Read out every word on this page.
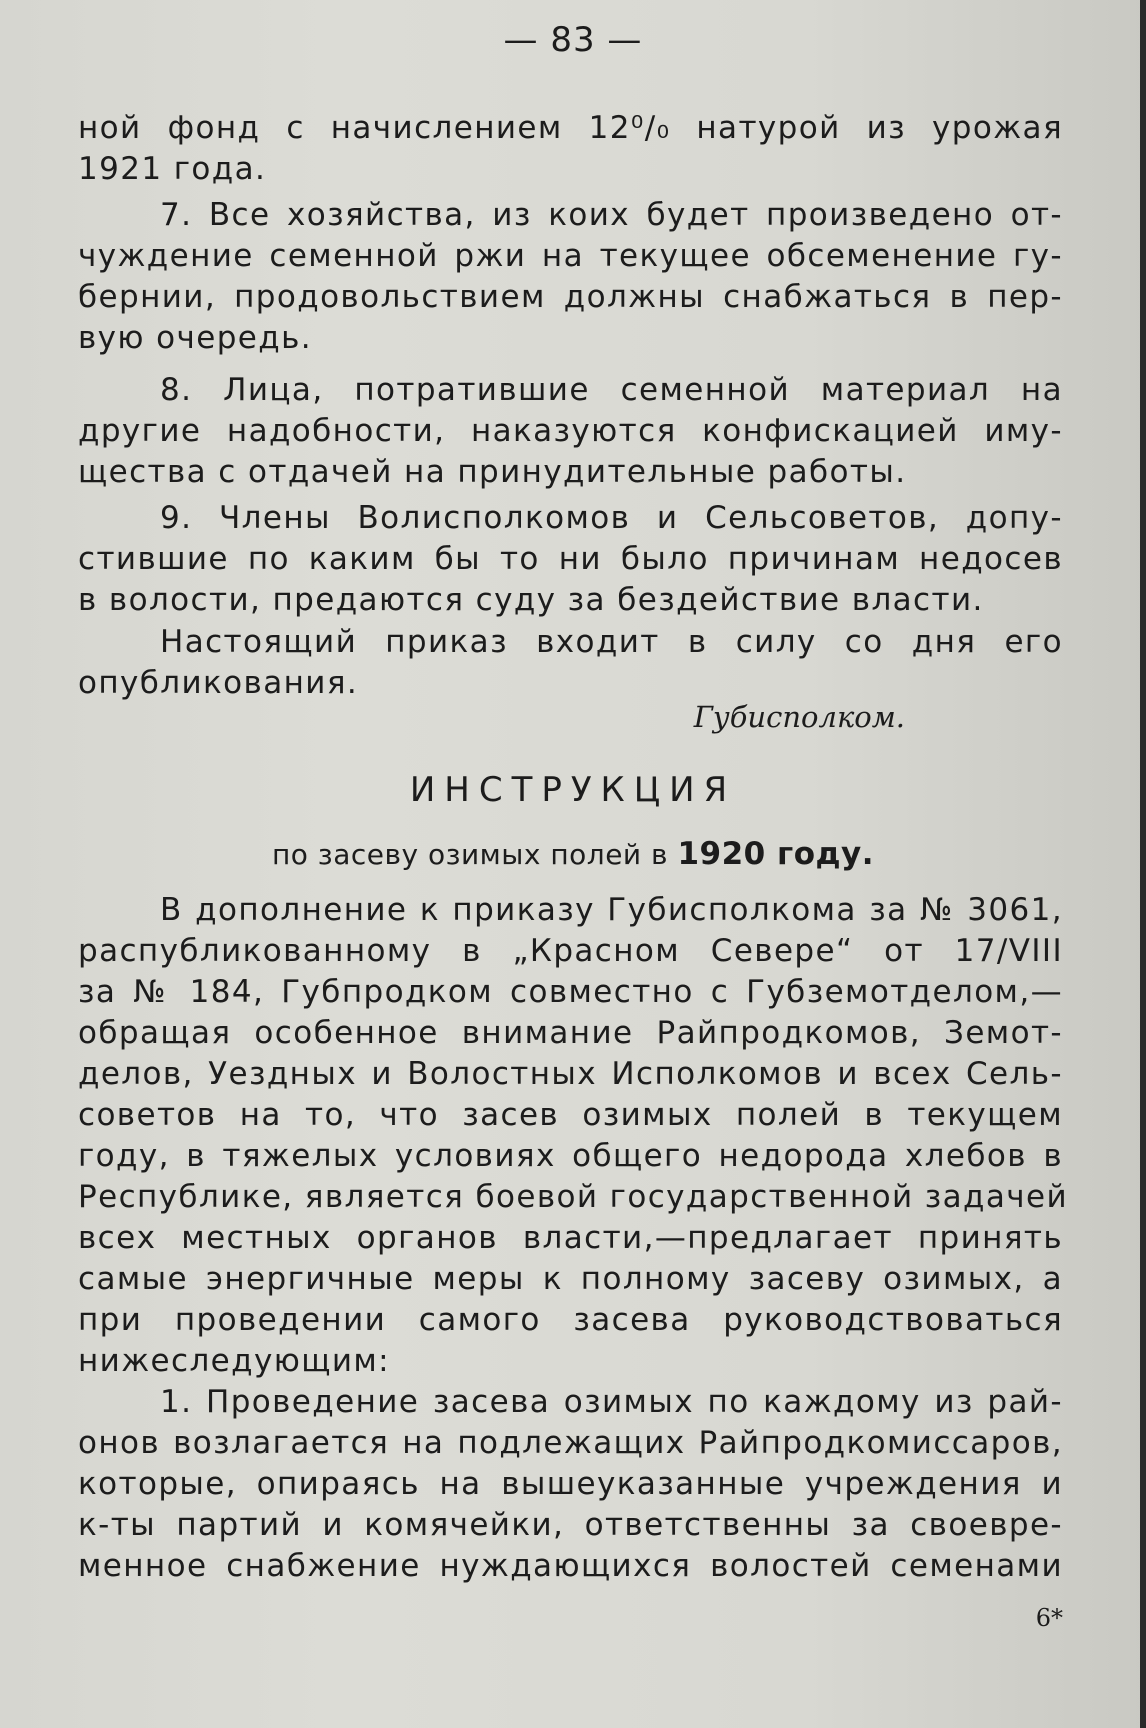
— 83 —
ной фонд с начислением 12⁰/₀ натурой из урожая
1921 года.
7. Все хозяйства, из коих будет произведено от-
чуждение семенной ржи на текущее обсеменение гу-
бернии, продовольствием должны снабжаться в пер-
вую очередь.
8. Лица, потратившие семенной материал на
другие надобности, наказуются конфискацией иму-
щества с отдачей на принудительные работы.
9. Члены Волисполкомов и Сельсоветов, допу-
стившие по каким бы то ни было причинам недосев
в волости, предаются суду за бездействие власти.
Настоящий приказ входит в силу со дня его
опубликования.
Губисполком.
ИНСТРУКЦИЯ
по засеву озимых полей в 1920 году.
В дополнение к приказу Губисполкома за № 3061,
распубликованному в „Красном Севере“ от 17/VIII
за № 184, Губпродком совместно с Губземотделом,—
обращая особенное внимание Райпродкомов, Земот-
делов, Уездных и Волостных Исполкомов и всех Сель-
советов на то, что засев озимых полей в текущем
году, в тяжелых условиях общего недорода хлебов в
Республике, является боевой государственной задачей
всех местных органов власти,—предлагает принять
самые энергичные меры к полному засеву озимых, а
при проведении самого засева руководствоваться
нижеследующим:
1. Проведение засева озимых по каждому из рай-
онов возлагается на подлежащих Райпродкомиссаров,
которые, опираясь на вышеуказанные учреждения и
к-ты партий и комячейки, ответственны за своевре-
менное снабжение нуждающихся волостей семенами
6*
